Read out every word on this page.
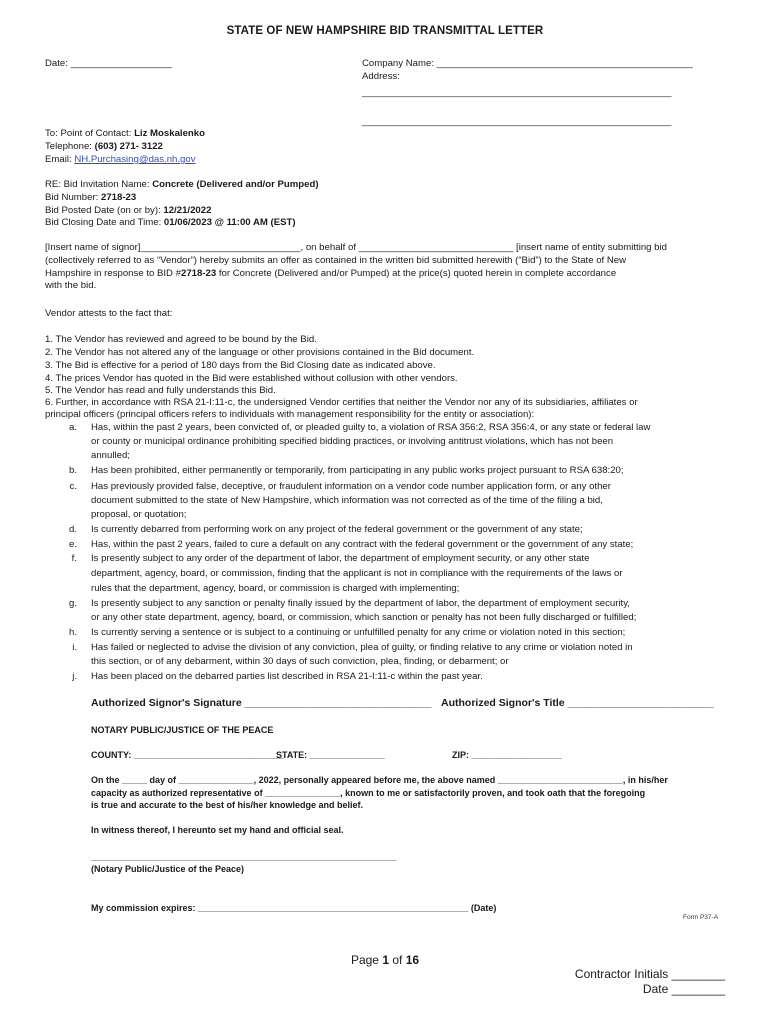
STATE OF NEW HAMPSHIRE BID TRANSMITTAL LETTER
Date: ___________________	Company Name: ________________________________________________
Address:
__________________________________________________________
__________________________________________________________
To: Point of Contact: Liz Moskalenko
Telephone: (603) 271- 3122
Email: NH.Purchasing@das.nh.gov
RE: Bid Invitation Name: Concrete (Delivered and/or Pumped)
Bid Number: 2718-23
Bid Posted Date (on or by): 12/21/2022
Bid Closing Date and Time: 01/06/2023 @ 11:00 AM (EST)
[Insert name of signor]______________________________, on behalf of _____________________________ [insert name of entity submitting bid
(collectively referred to as “Vendor”) hereby submits an offer as contained in the written bid submitted herewith (“Bid”) to the State of New
Hampshire in response to BID #2718-23 for Concrete (Delivered and/or Pumped) at the price(s) quoted herein in complete accordance
with the bid.
Vendor attests to the fact that:
1. The Vendor has reviewed and agreed to be bound by the Bid.
2. The Vendor has not altered any of the language or other provisions contained in the Bid document.
3. The Bid is effective for a period of 180 days from the Bid Closing date as indicated above.
4. The prices Vendor has quoted in the Bid were established without collusion with other vendors.
5. The Vendor has read and fully understands this Bid.
6. Further, in accordance with RSA 21-I:11-c, the undersigned Vendor certifies that neither the Vendor nor any of its subsidiaries, affiliates or
principal officers (principal officers refers to individuals with management responsibility for the entity or association):
a. Has, within the past 2 years, been convicted of, or pleaded guilty to, a violation of RSA 356:2, RSA 356:4, or any state or federal law
or county or municipal ordinance prohibiting specified bidding practices, or involving antitrust violations, which has not been
annulled;
b. Has been prohibited, either permanently or temporarily, from participating in any public works project pursuant to RSA 638:20;
c. Has previously provided false, deceptive, or fraudulent information on a vendor code number application form, or any other
document submitted to the state of New Hampshire, which information was not corrected as of the time of the filing a bid,
proposal, or quotation;
d. Is currently debarred from performing work on any project of the federal government or the government of any state;
e. Has, within the past 2 years, failed to cure a default on any contract with the federal government or the government of any state;
f. Is presently subject to any order of the department of labor, the department of employment security, or any other state
department, agency, board, or commission, finding that the applicant is not in compliance with the requirements of the laws or
rules that the department, agency, board, or commission is charged with implementing;
g. Is presently subject to any sanction or penalty finally issued by the department of labor, the department of employment security,
or any other state department, agency, board, or commission, which sanction or penalty has not been fully discharged or fulfilled;
h. Is currently serving a sentence or is subject to a continuing or unfulfilled penalty for any crime or violation noted in this section;
i. Has failed or neglected to advise the division of any conviction, plea of guilty, or finding relative to any crime or violation noted in
this section, or of any debarment, within 30 days of such conviction, plea, finding, or debarment; or
j. Has been placed on the debarred parties list described in RSA 21-I:11-c within the past year.
Authorized Signor's Signature ________________________________ Authorized Signor's Title _________________________
NOTARY PUBLIC/JUSTICE OF THE PEACE
COUNTY: ______________________________
STATE: _______________	ZIP: __________________
On the _____ day of _______________, 2022, personally appeared before me, the above named _________________________, in his/her
capacity as authorized representative of _______________, known to me or satisfactorily proven, and took oath that the foregoing
is true and accurate to the best of his/her knowledge and belief.
In witness thereof, I hereunto set my hand and official seal.
_____________________________________________________________
(Notary Public/Justice of the Peace)
My commission expires: ______________________________________________________ (Date)
Form P37-A
Page 1 of 16
Contractor Initials ________
Date ________
